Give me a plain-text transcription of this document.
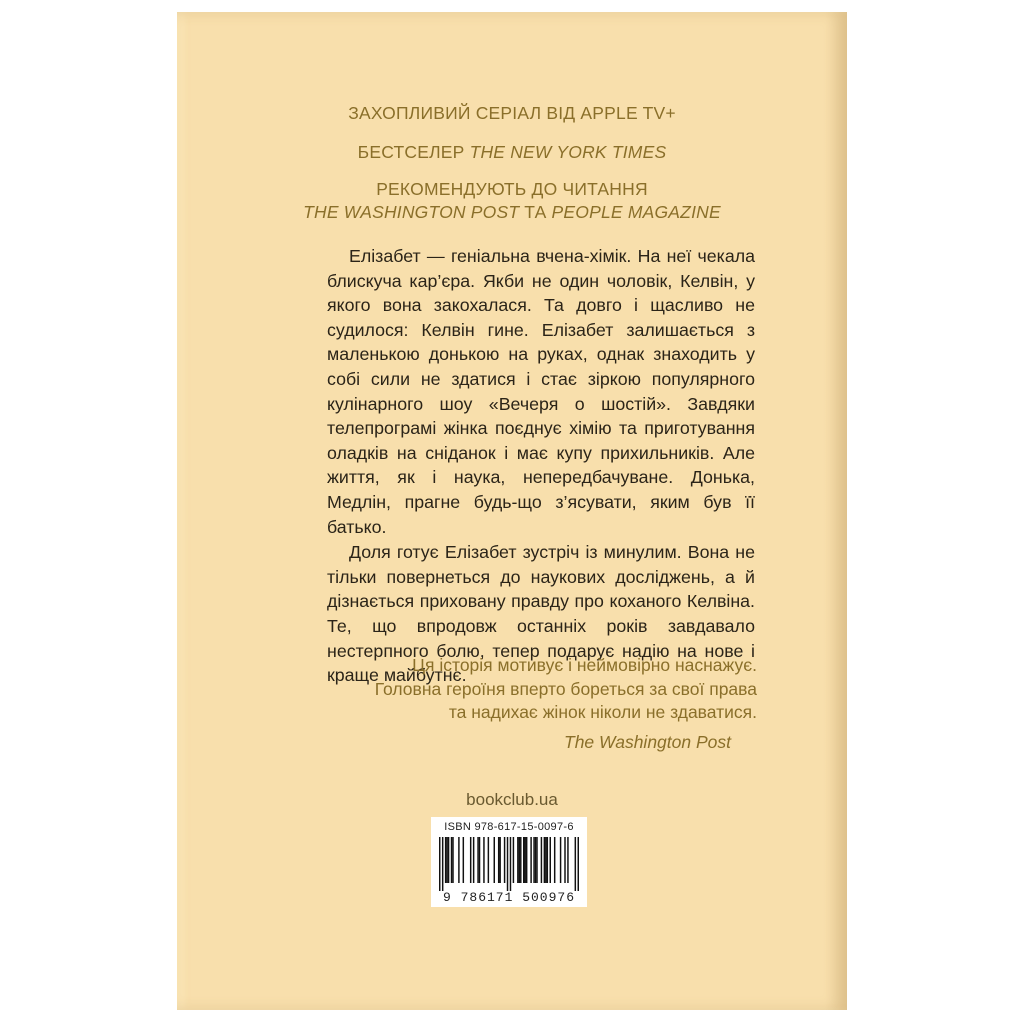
ЗАХОПЛИВИЙ СЕРІАЛ ВІД APPLE TV+

БЕСТСЕЛЕР THE NEW YORK TIMES

РЕКОМЕНДУЮТЬ ДО ЧИТАННЯ

THE WASHINGTON POST ТА PEOPLE MAGAZINE

Елізабет — геніальна вчена-хімік. На неї чекала блискуча кар’єра. Якби не один чоловік, Келвін, у якого вона закохалася. Та довго і щасливо не судилося: Келвін гине. Елізабет залишається з маленькою донькою на руках, однак знаходить у собі сили не здатися і стає зіркою популярного кулінарного шоу «Вечеря о шостій». Завдяки телепрограмі жінка поєднує хімію та приготування оладків на сніданок і має купу прихильників. Але життя, як і наука, непередбачуване. Донька, Медлін, прагне будь-що з’ясувати, яким був її батько.

Доля готує Елізабет зустріч із минулим. Вона не тільки повернеться до наукових досліджень, а й дізнається приховану правду про коханого Келвіна. Те, що впродовж останніх років завдавало нестерпного болю, тепер подарує надію на нове і краще майбутнє.

Ця історія мотивує і неймовірно наснажує.
Головна героїня вперто бореться за свої права
та надихає жінок ніколи не здаватися.
The Washington Post
bookclub.ua
ISBN 978-617-15-0097-6
9 786171 500976
